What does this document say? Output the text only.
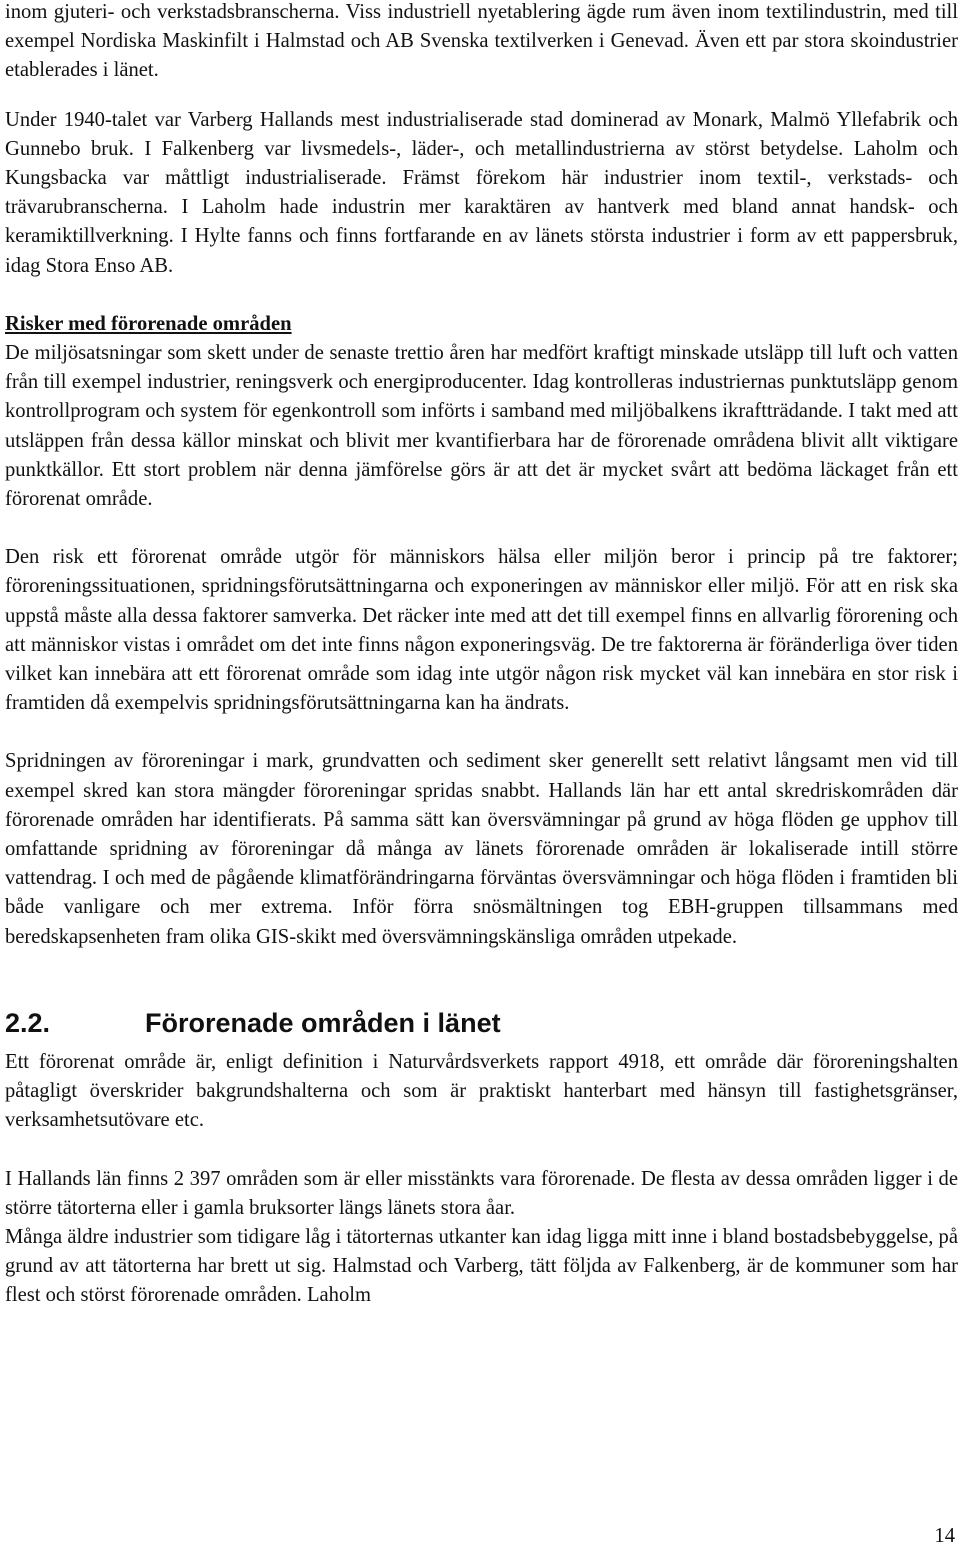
inom gjuteri- och verkstadsbranscherna. Viss industriell nyetablering ägde rum även inom textilindustrin, med till exempel Nordiska Maskinfilt i Halmstad och AB Svenska textilverken i Genevad. Även ett par stora skoindustrier etablerades i länet.

Under 1940-talet var Varberg Hallands mest industrialiserade stad dominerad av Monark, Malmö Yllefabrik och Gunnebo bruk. I Falkenberg var livsmedels-, läder-, och metallindustrierna av störst betydelse. Laholm och Kungsbacka var måttligt industrialiserade. Främst förekom här industrier inom textil-, verkstads- och trävarubranscherna. I Laholm hade industrin mer karaktären av hantverk med bland annat handsk- och keramiktillverkning. I Hylte fanns och finns fortfarande en av länets största industrier i form av ett pappersbruk, idag Stora Enso AB.

Risker med förorenade områden

De miljösatsningar som skett under de senaste trettio åren har medfört kraftigt minskade utsläpp till luft och vatten från till exempel industrier, reningsverk och energiproducenter. Idag kontrolleras industriernas punktutsläpp genom kontrollprogram och system för egenkontroll som införts i samband med miljöbalkens ikraftträdande. I takt med att utsläppen från dessa källor minskat och blivit mer kvantifierbara har de förorenade områdena blivit allt viktigare punktkällor. Ett stort problem när denna jämförelse görs är att det är mycket svårt att bedöma läckaget från ett förorenat område.

Den risk ett förorenat område utgör för människors hälsa eller miljön beror i princip på tre faktorer; föroreningssituationen, spridningsförutsättningarna och exponeringen av människor eller miljö. För att en risk ska uppstå måste alla dessa faktorer samverka. Det räcker inte med att det till exempel finns en allvarlig förorening och att människor vistas i området om det inte finns någon exponeringsväg. De tre faktorerna är föränderliga över tiden vilket kan innebära att ett förorenat område som idag inte utgör någon risk mycket väl kan innebära en stor risk i framtiden då exempelvis spridningsförutsättningarna kan ha ändrats.

Spridningen av föroreningar i mark, grundvatten och sediment sker generellt sett relativt långsamt men vid till exempel skred kan stora mängder föroreningar spridas snabbt. Hallands län har ett antal skredriskområden där förorenade områden har identifierats. På samma sätt kan översvämningar på grund av höga flöden ge upphov till omfattande spridning av föroreningar då många av länets förorenade områden är lokaliserade intill större vattendrag. I och med de pågående klimatförändringarna förväntas översvämningar och höga flöden i framtiden bli både vanligare och mer extrema. Inför förra snösmältningen tog EBH-gruppen tillsammans med beredskapsenheten fram olika GIS-skikt med översvämningskänsliga områden utpekade.

2.2.	Förorenade områden i länet

Ett förorenat område är, enligt definition i Naturvårdsverkets rapport 4918, ett område där föroreningshalten påtagligt överskrider bakgrundshalterna och som är praktiskt hanterbart med hänsyn till fastighetsgränser, verksamhetsutövare etc.

I Hallands län finns 2 397 områden som är eller misstänkts vara förorenade. De flesta av dessa områden ligger i de större tätorterna eller i gamla bruksorter längs länets stora åar.

Många äldre industrier som tidigare låg i tätorternas utkanter kan idag ligga mitt inne i bland bostadsbebyggelse, på grund av att tätorterna har brett ut sig. Halmstad och Varberg, tätt följda av Falkenberg, är de kommuner som har flest och störst förorenade områden. Laholm

14
